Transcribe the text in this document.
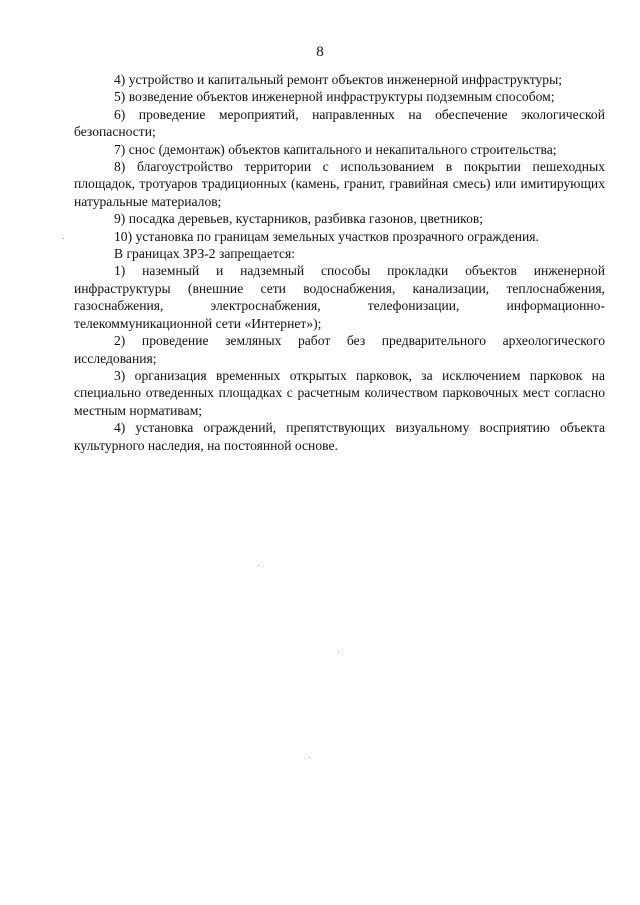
8

4) устройство и капитальный ремонт объектов инженерной инфраструктуры;

5) возведение объектов инженерной инфраструктуры подземным способом;

6) проведение мероприятий, направленных на обеспечение экологической безопасности;

7) снос (демонтаж) объектов капитального и некапитального строительства;

8) благоустройство территории с использованием в покрытии пешеходных площадок, тротуаров традиционных (камень, гранит, гравийная смесь) или имитирующих натуральные материалов;

9) посадка деревьев, кустарников, разбивка газонов, цветников;

10) установка по границам земельных участков прозрачного ограждения.

В границах ЗРЗ-2 запрещается:

1) наземный и надземный способы прокладки объектов инженерной инфраструктуры (внешние сети водоснабжения, канализации, теплоснабжения, газоснабжения, электроснабжения, телефонизации, информационно-телекоммуникационной сети «Интернет»);

2) проведение земляных работ без предварительного археологического исследования;

3) организация временных открытых парковок, за исключением парковок на специально отведенных площадках с расчетным количеством парковочных мест согласно местным нормативам;

4) установка ограждений, препятствующих визуальному восприятию объекта культурного наследия, на постоянной основе.
